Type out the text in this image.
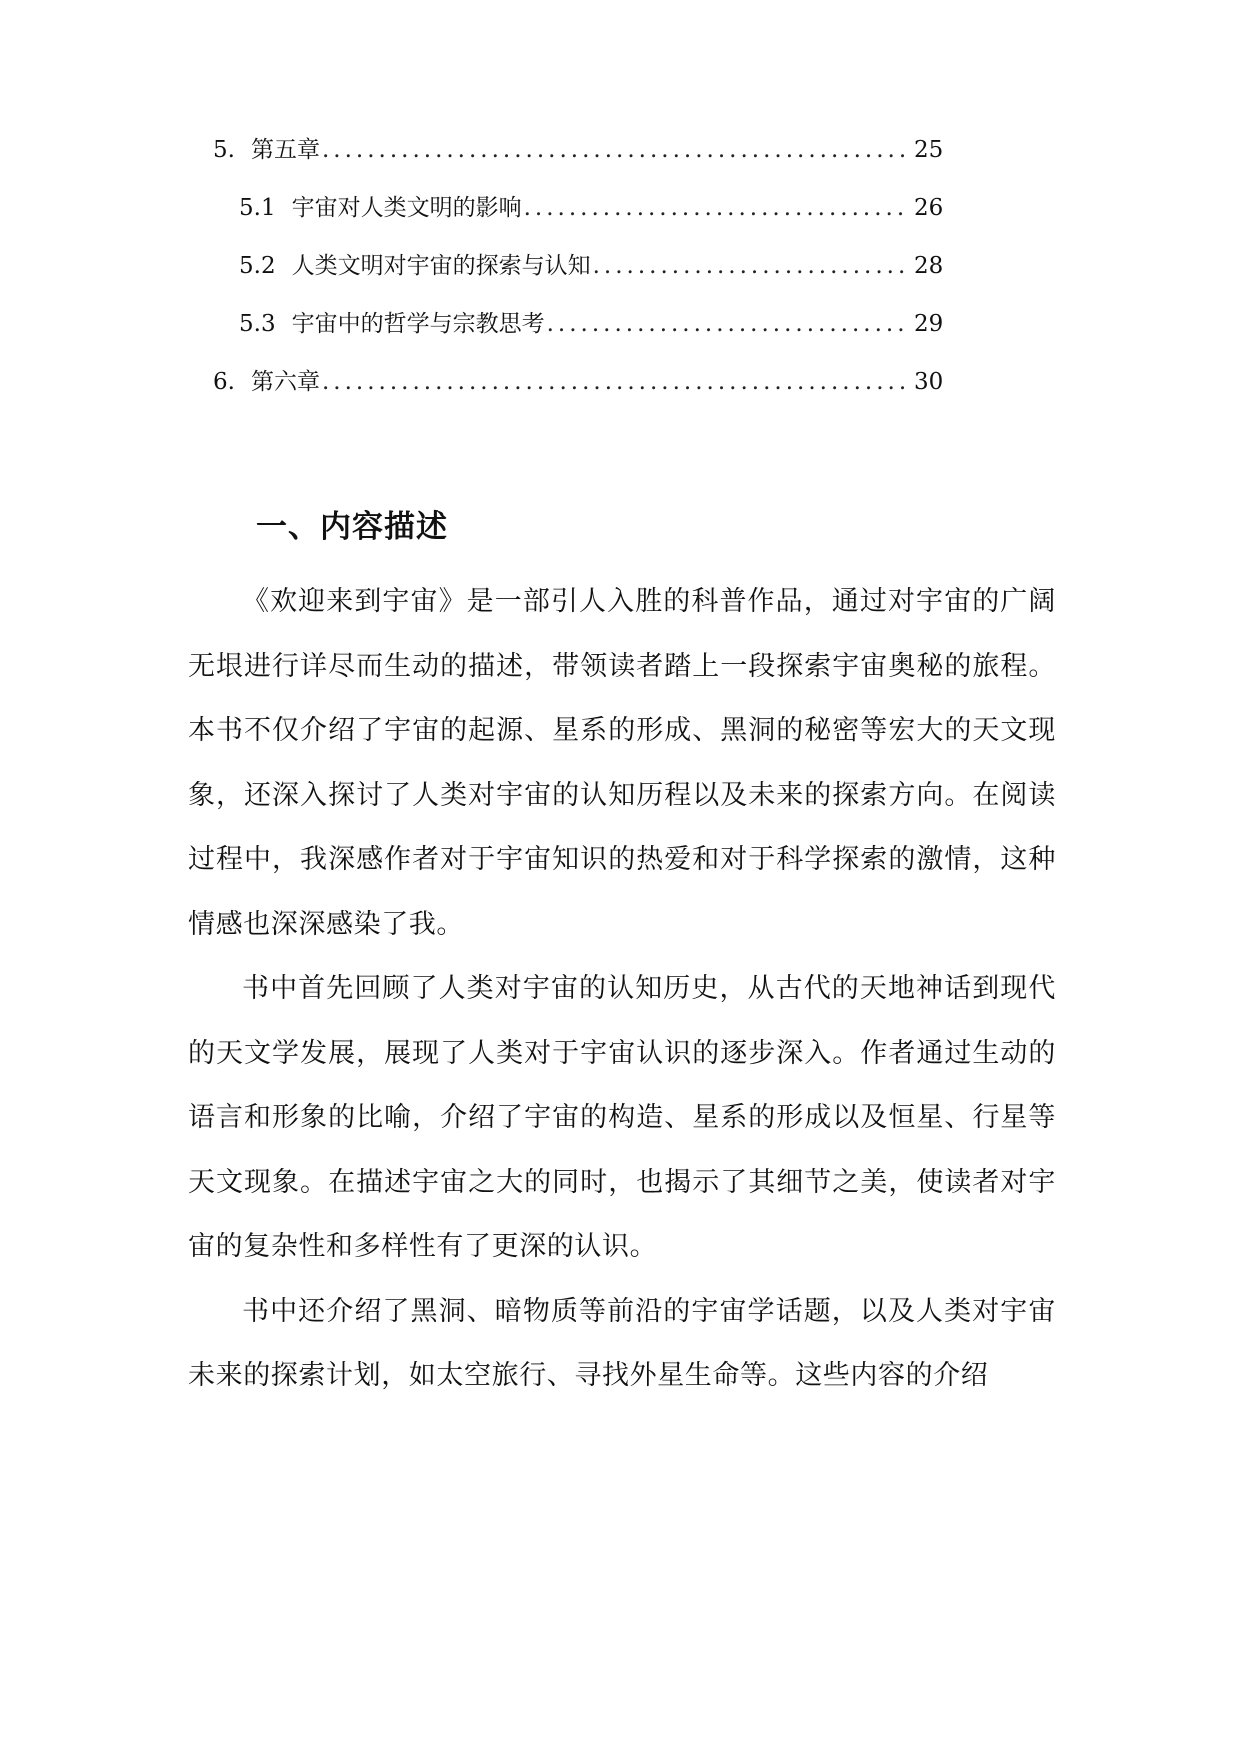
5. 第五章 .....	25
5.1 宇宙对人类文明的影响 .....	26
5.2 人类文明对宇宙的探索与认知 .....	28
5.3 宇宙中的哲学与宗教思考 .....	29
6. 第六章 .....	30
一、内容描述

《欢迎来到宇宙》是一部引人入胜的科普作品，通过对宇宙的广阔无垠进行详尽而生动的描述，带领读者踏上一段探索宇宙奥秘的旅程。本书不仅介绍了宇宙的起源、星系的形成、黑洞的秘密等宏大的天文现象，还深入探讨了人类对宇宙的认知历程以及未来的探索方向。在阅读过程中，我深感作者对于宇宙知识的热爱和对于科学探索的激情，这种情感也深深感染了我。

书中首先回顾了人类对宇宙的认知历史，从古代的天地神话到现代的天文学发展，展现了人类对于宇宙认识的逐步深入。作者通过生动的语言和形象的比喻，介绍了宇宙的构造、星系的形成以及恒星、行星等天文现象。在描述宇宙之大的同时，也揭示了其细节之美，使读者对宇宙的复杂性和多样性有了更深的认识。

书中还介绍了黑洞、暗物质等前沿的宇宙学话题，以及人类对宇宙未来的探索计划，如太空旅行、寻找外星生命等。这些内容的介绍
